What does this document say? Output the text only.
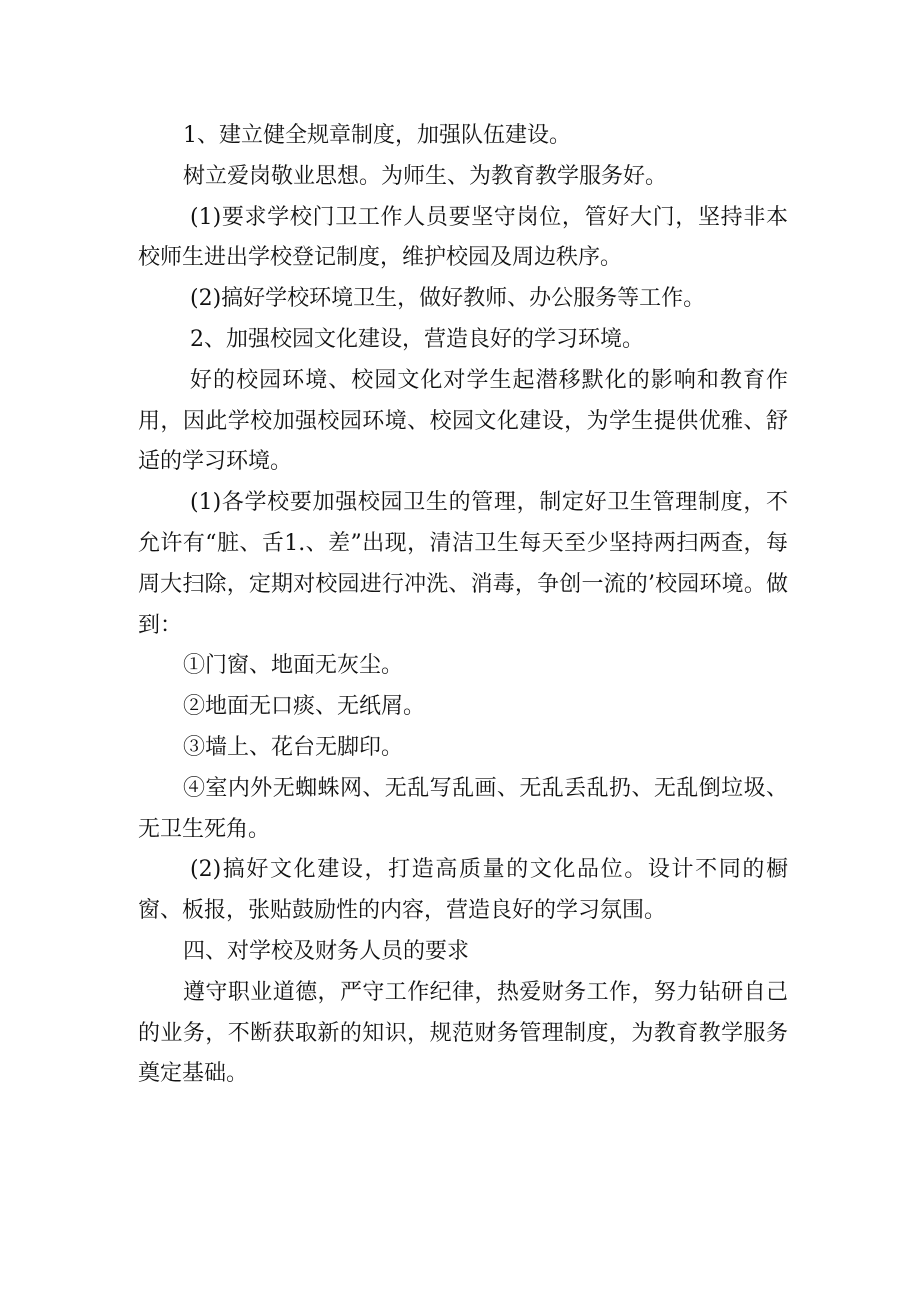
1、建立健全规章制度，加强队伍建设。

树立爱岗敬业思想。为师生、为教育教学服务好。

(1)要求学校门卫工作人员要坚守岗位，管好大门，坚持非本校师生进出学校登记制度，维护校园及周边秩序。

(2)搞好学校环境卫生，做好教师、办公服务等工作。

2、加强校园文化建设，营造良好的学习环境。

好的校园环境、校园文化对学生起潜移默化的影响和教育作用，因此学校加强校园环境、校园文化建设，为学生提供优雅、舒适的学习环境。

(1)各学校要加强校园卫生的管理，制定好卫生管理制度，不允许有“脏、舌1.、差”出现，清洁卫生每天至少坚持两扫两查，每周大扫除，定期对校园进行冲洗、消毒，争创一流的’校园环境。做到：

①门窗、地面无灰尘。

②地面无口痰、无纸屑。

③墙上、花台无脚印。

④室内外无蜘蛛网、无乱写乱画、无乱丢乱扔、无乱倒垃圾、无卫生死角。

(2)搞好文化建设，打造高质量的文化品位。设计不同的橱窗、板报，张贴鼓励性的内容，营造良好的学习氛围。

四、对学校及财务人员的要求

遵守职业道德，严守工作纪律，热爱财务工作，努力钻研自己的业务，不断获取新的知识，规范财务管理制度，为教育教学服务奠定基础。
